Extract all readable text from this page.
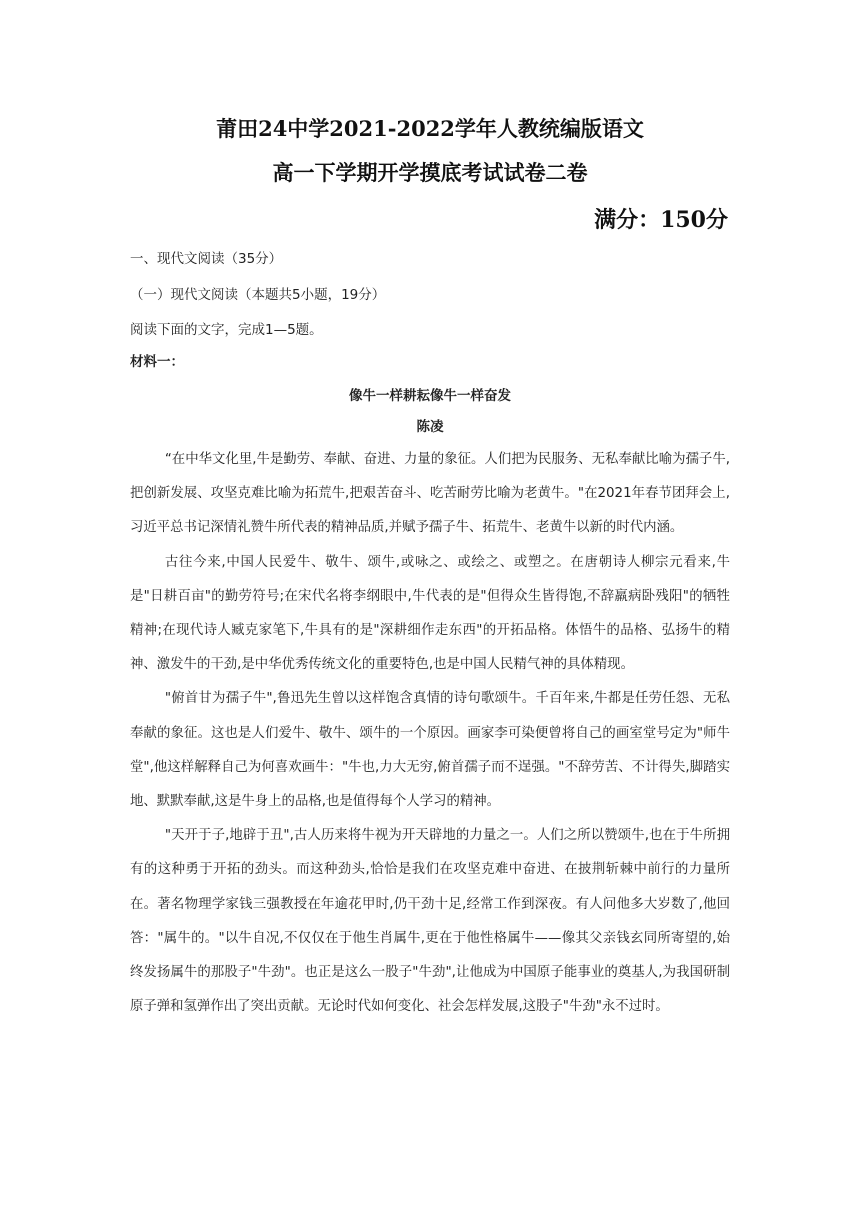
莆田24中学2021-2022学年人教统编版语文
高一下学期开学摸底考试试卷二卷
满分：150分
一、现代文阅读（35分）
（一）现代文阅读（本题共5小题，19分）
阅读下面的文字，完成1—5题。
材料一：
像牛一样耕耘像牛一样奋发
陈凌

“在中华文化里,牛是勤劳、奉献、奋进、力量的象征。人们把为民服务、无私奉献比喻为孺子牛,把创新发展、攻坚克难比喻为拓荒牛,把艰苦奋斗、吃苦耐劳比喻为老黄牛。"在2021年春节团拜会上,习近平总书记深情礼赞牛所代表的精神品质,并赋予孺子牛、拓荒牛、老黄牛以新的时代内涵。

古往今来,中国人民爱牛、敬牛、颂牛,或咏之、或绘之、或塑之。在唐朝诗人柳宗元看来,牛是"日耕百亩"的勤劳符号;在宋代名将李纲眼中,牛代表的是"但得众生皆得饱,不辞羸病卧残阳"的牺牲精神;在现代诗人臧克家笔下,牛具有的是"深耕细作走东西"的开拓品格。体悟牛的品格、弘扬牛的精神、激发牛的干劲,是中华优秀传统文化的重要特色,也是中国人民精气神的具体精现。

"俯首甘为孺子牛",鲁迅先生曾以这样饱含真情的诗句歌颂牛。千百年来,牛都是任劳任怨、无私奉献的象征。这也是人们爱牛、敬牛、颂牛的一个原因。画家李可染便曾将自己的画室堂号定为"师牛堂",他这样解释自己为何喜欢画牛："牛也,力大无穷,俯首孺子而不逞强。"不辞劳苦、不计得失,脚踏实地、默默奉献,这是牛身上的品格,也是值得每个人学习的精神。

"天开于子,地辟于丑",古人历来将牛视为开天辟地的力量之一。人们之所以赞颂牛,也在于牛所拥有的这种勇于开拓的劲头。而这种劲头,恰恰是我们在攻坚克难中奋进、在披荆斩棘中前行的力量所在。著名物理学家钱三强教授在年逾花甲时,仍干劲十足,经常工作到深夜。有人问他多大岁数了,他回答："属牛的。"以牛自况,不仅仅在于他生肖属牛,更在于他性格属牛——像其父亲钱玄同所寄望的,始终发扬属牛的那股子"牛劲"。也正是这么一股子"牛劲",让他成为中国原子能事业的奠基人,为我国研制原子弹和氢弹作出了突出贡献。无论时代如何变化、社会怎样发展,这股子"牛劲"永不过时。
